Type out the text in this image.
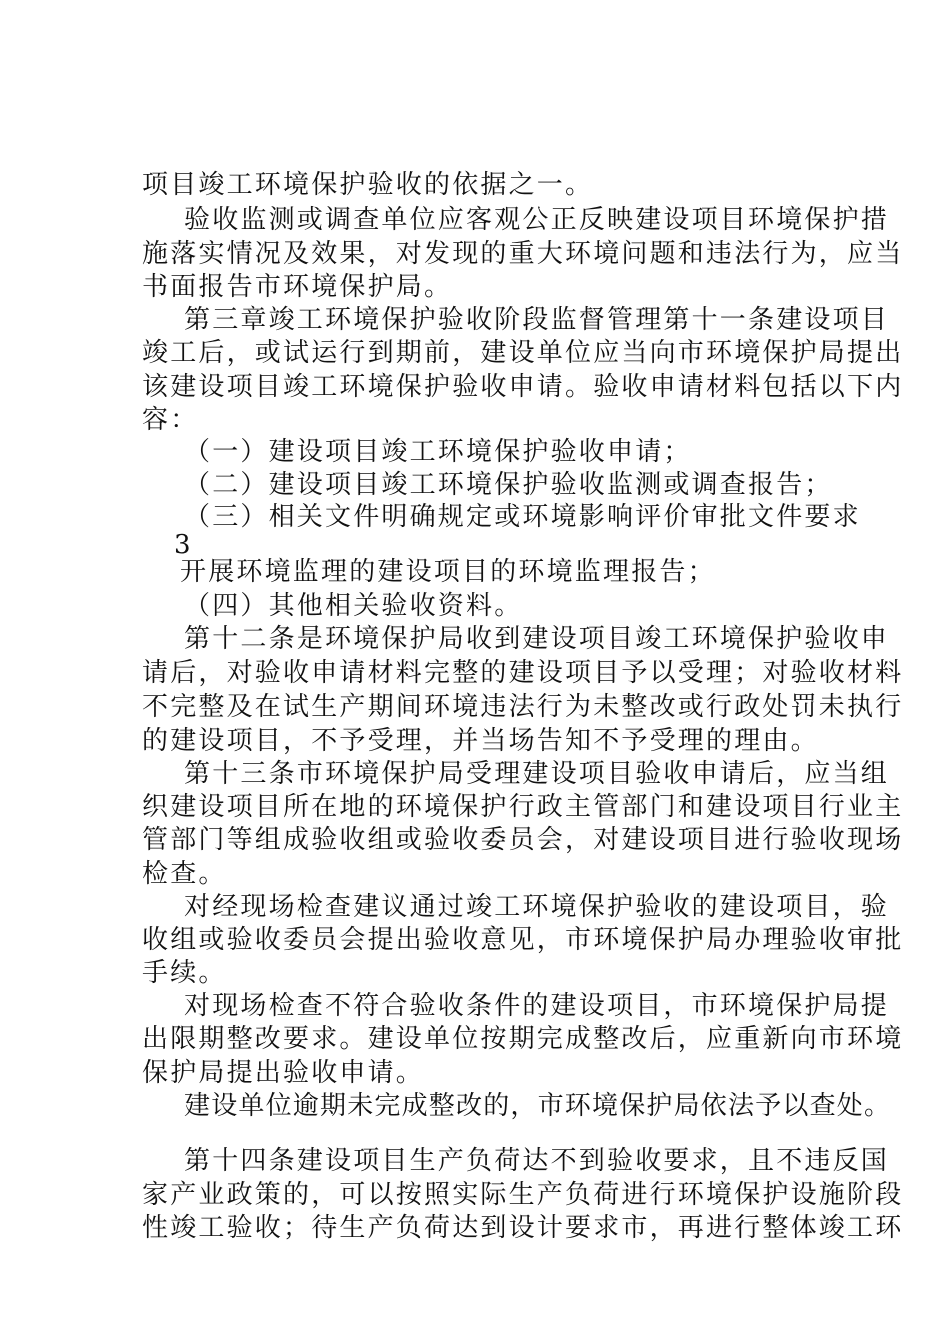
项目竣工环境保护验收的依据之一。
验收监测或调查单位应客观公正反映建设项目环境保护措
施落实情况及效果，对发现的重大环境问题和违法行为，应当
书面报告市环境保护局。
第三章竣工环境保护验收阶段监督管理第十一条建设项目
竣工后，或试运行到期前，建设单位应当向市环境保护局提出
该建设项目竣工环境保护验收申请。验收申请材料包括以下内
容：
（一）建设项目竣工环境保护验收申请；
（二）建设项目竣工环境保护验收监测或调查报告；
（三）相关文件明确规定或环境影响评价审批文件要求
3
开展环境监理的建设项目的环境监理报告；
（四）其他相关验收资料。
第十二条是环境保护局收到建设项目竣工环境保护验收申
请后，对验收申请材料完整的建设项目予以受理；对验收材料
不完整及在试生产期间环境违法行为未整改或行政处罚未执行
的建设项目，不予受理，并当场告知不予受理的理由。
第十三条市环境保护局受理建设项目验收申请后，应当组
织建设项目所在地的环境保护行政主管部门和建设项目行业主
管部门等组成验收组或验收委员会，对建设项目进行验收现场
检查。
对经现场检查建议通过竣工环境保护验收的建设项目，验
收组或验收委员会提出验收意见，市环境保护局办理验收审批
手续。
对现场检查不符合验收条件的建设项目，市环境保护局提
出限期整改要求。建设单位按期完成整改后，应重新向市环境
保护局提出验收申请。
建设单位逾期未完成整改的，市环境保护局依法予以查处。
第十四条建设项目生产负荷达不到验收要求，且不违反国
家产业政策的，可以按照实际生产负荷进行环境保护设施阶段
性竣工验收；待生产负荷达到设计要求市，再进行整体竣工环
